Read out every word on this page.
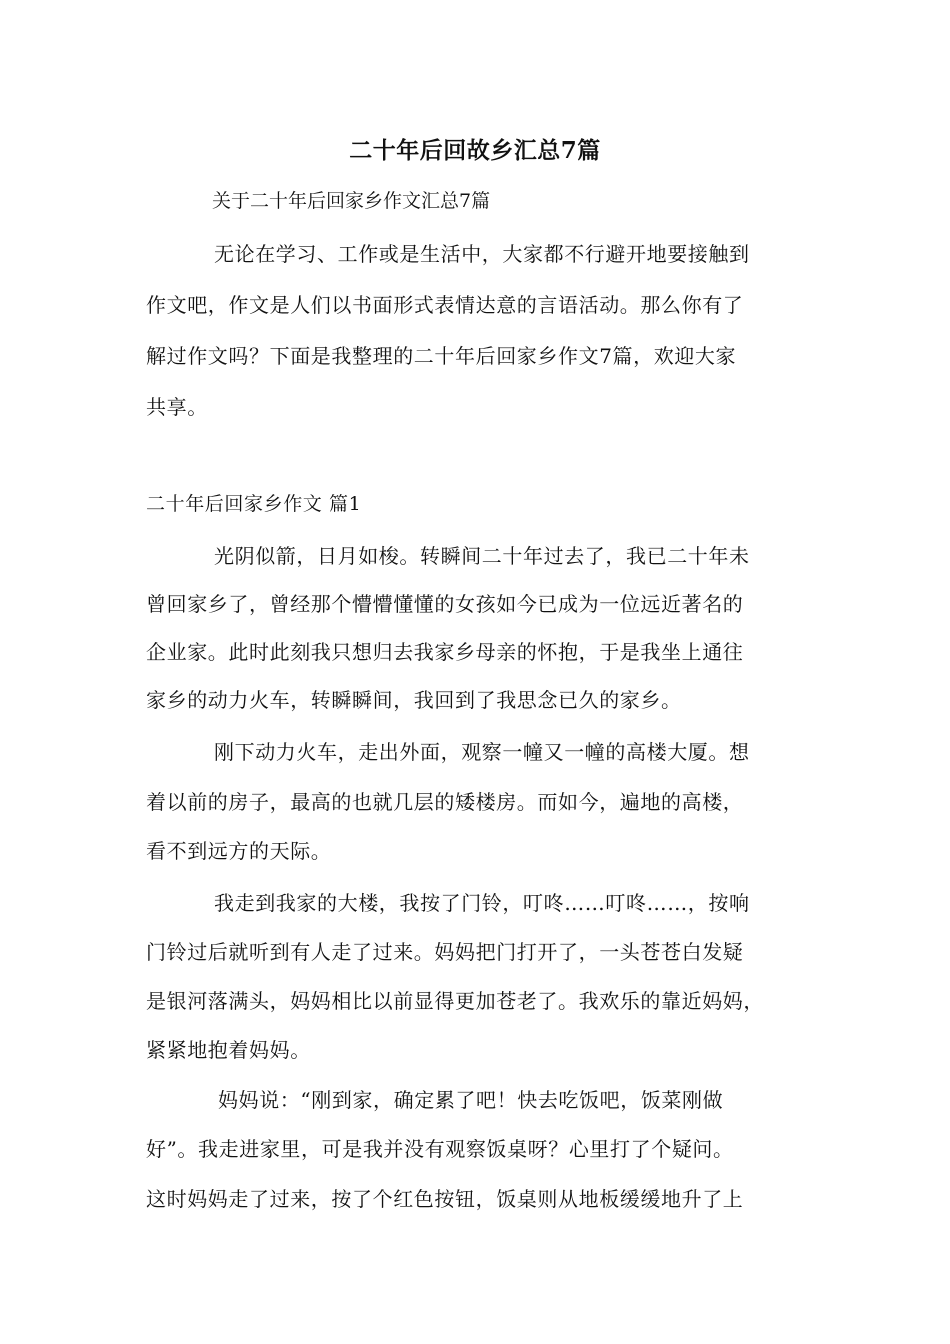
二十年后回故乡汇总7篇
关于二十年后回家乡作文汇总7篇
无论在学习、工作或是生活中，大家都不行避开地要接触到
作文吧，作文是人们以书面形式表情达意的言语活动。那么你有了
解过作文吗？下面是我整理的二十年后回家乡作文7篇，欢迎大家
共享。
二十年后回家乡作文 篇1
光阴似箭，日月如梭。转瞬间二十年过去了，我已二十年未
曾回家乡了，曾经那个懵懵懂懂的女孩如今已成为一位远近著名的
企业家。此时此刻我只想归去我家乡母亲的怀抱，于是我坐上通往
家乡的动力火车，转瞬瞬间，我回到了我思念已久的家乡。
刚下动力火车，走出外面，观察一幢又一幢的高楼大厦。想
着以前的房子，最高的也就几层的矮楼房。而如今，遍地的高楼，
看不到远方的天际。
我走到我家的大楼，我按了门铃，叮咚……叮咚……，按响
门铃过后就听到有人走了过来。妈妈把门打开了，一头苍苍白发疑
是银河落满头，妈妈相比以前显得更加苍老了。我欢乐的靠近妈妈，
紧紧地抱着妈妈。
妈妈说：“刚到家，确定累了吧！快去吃饭吧，饭菜刚做
好”。我走进家里，可是我并没有观察饭桌呀？心里打了个疑问。
这时妈妈走了过来，按了个红色按钮，饭桌则从地板缓缓地升了上
